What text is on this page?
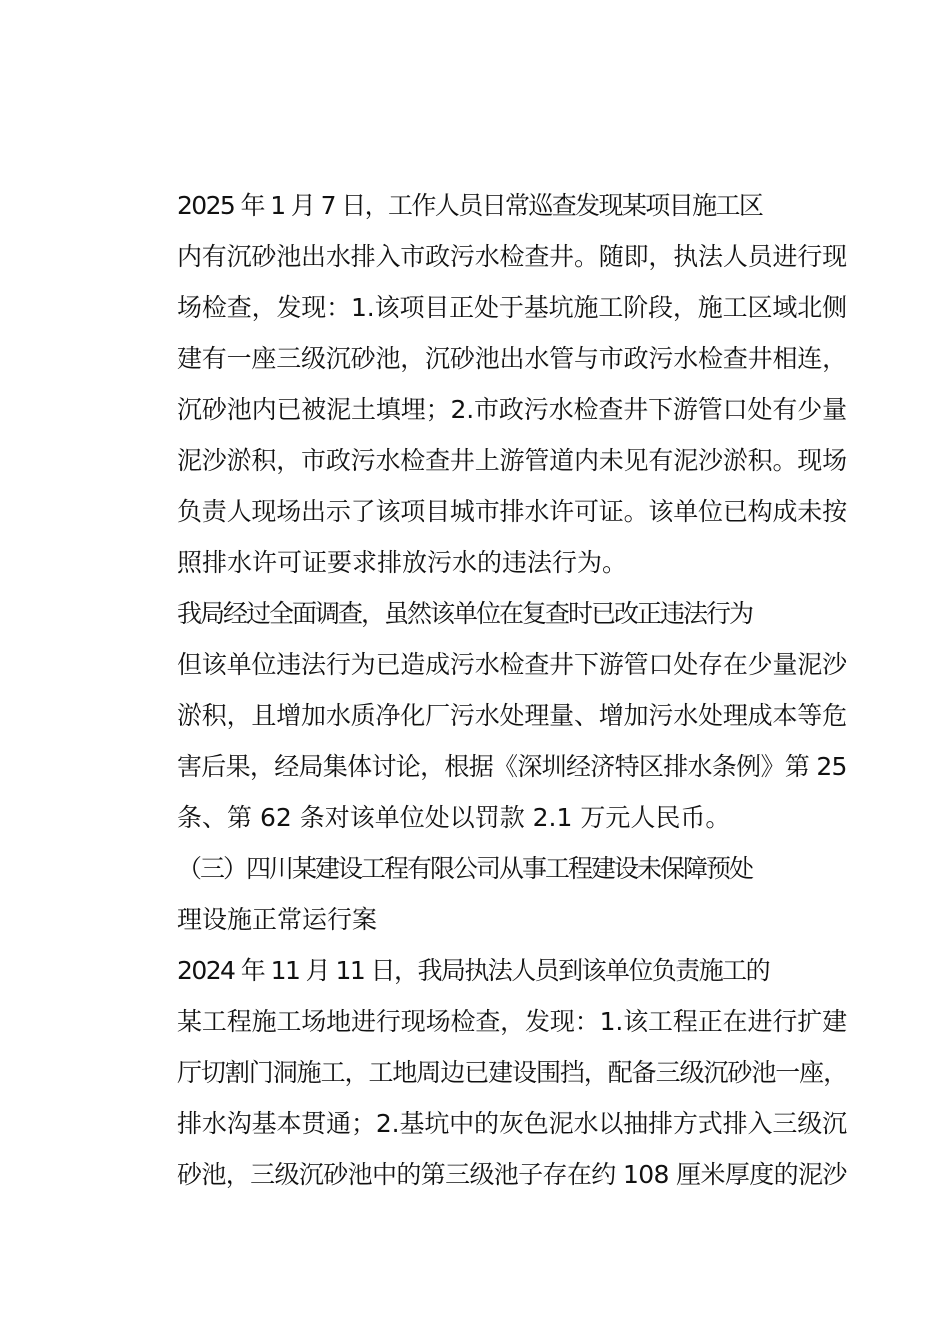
2025 年 1 月 7 日，工作人员日常巡查发现某项目施工区
内有沉砂池出水排入市政污水检查井。随即，执法人员进行现
场检查，发现：1.该项目正处于基坑施工阶段，施工区域北侧
建有一座三级沉砂池，沉砂池出水管与市政污水检查井相连，
沉砂池内已被泥土填埋；2.市政污水检查井下游管口处有少量
泥沙淤积，市政污水检查井上游管道内未见有泥沙淤积。现场
负责人现场出示了该项目城市排水许可证。该单位已构成未按
照排水许可证要求排放污水的违法行为。

我局经过全面调查，虽然该单位在复查时已改正违法行为
但该单位违法行为已造成污水检查井下游管口处存在少量泥沙
淤积，且增加水质净化厂污水处理量、增加污水处理成本等危
害后果，经局集体讨论，根据《深圳经济特区排水条例》第 25
条、第 62 条对该单位处以罚款 2.1 万元人民币。

（三）四川某建设工程有限公司从事工程建设未保障预处
理设施正常运行案

2024 年 11 月 11 日，我局执法人员到该单位负责施工的
某工程施工场地进行现场检查，发现：1.该工程正在进行扩建
厅切割门洞施工，工地周边已建设围挡，配备三级沉砂池一座，
排水沟基本贯通；2.基坑中的灰色泥水以抽排方式排入三级沉
砂池，三级沉砂池中的第三级池子存在约 108 厘米厚度的泥沙
